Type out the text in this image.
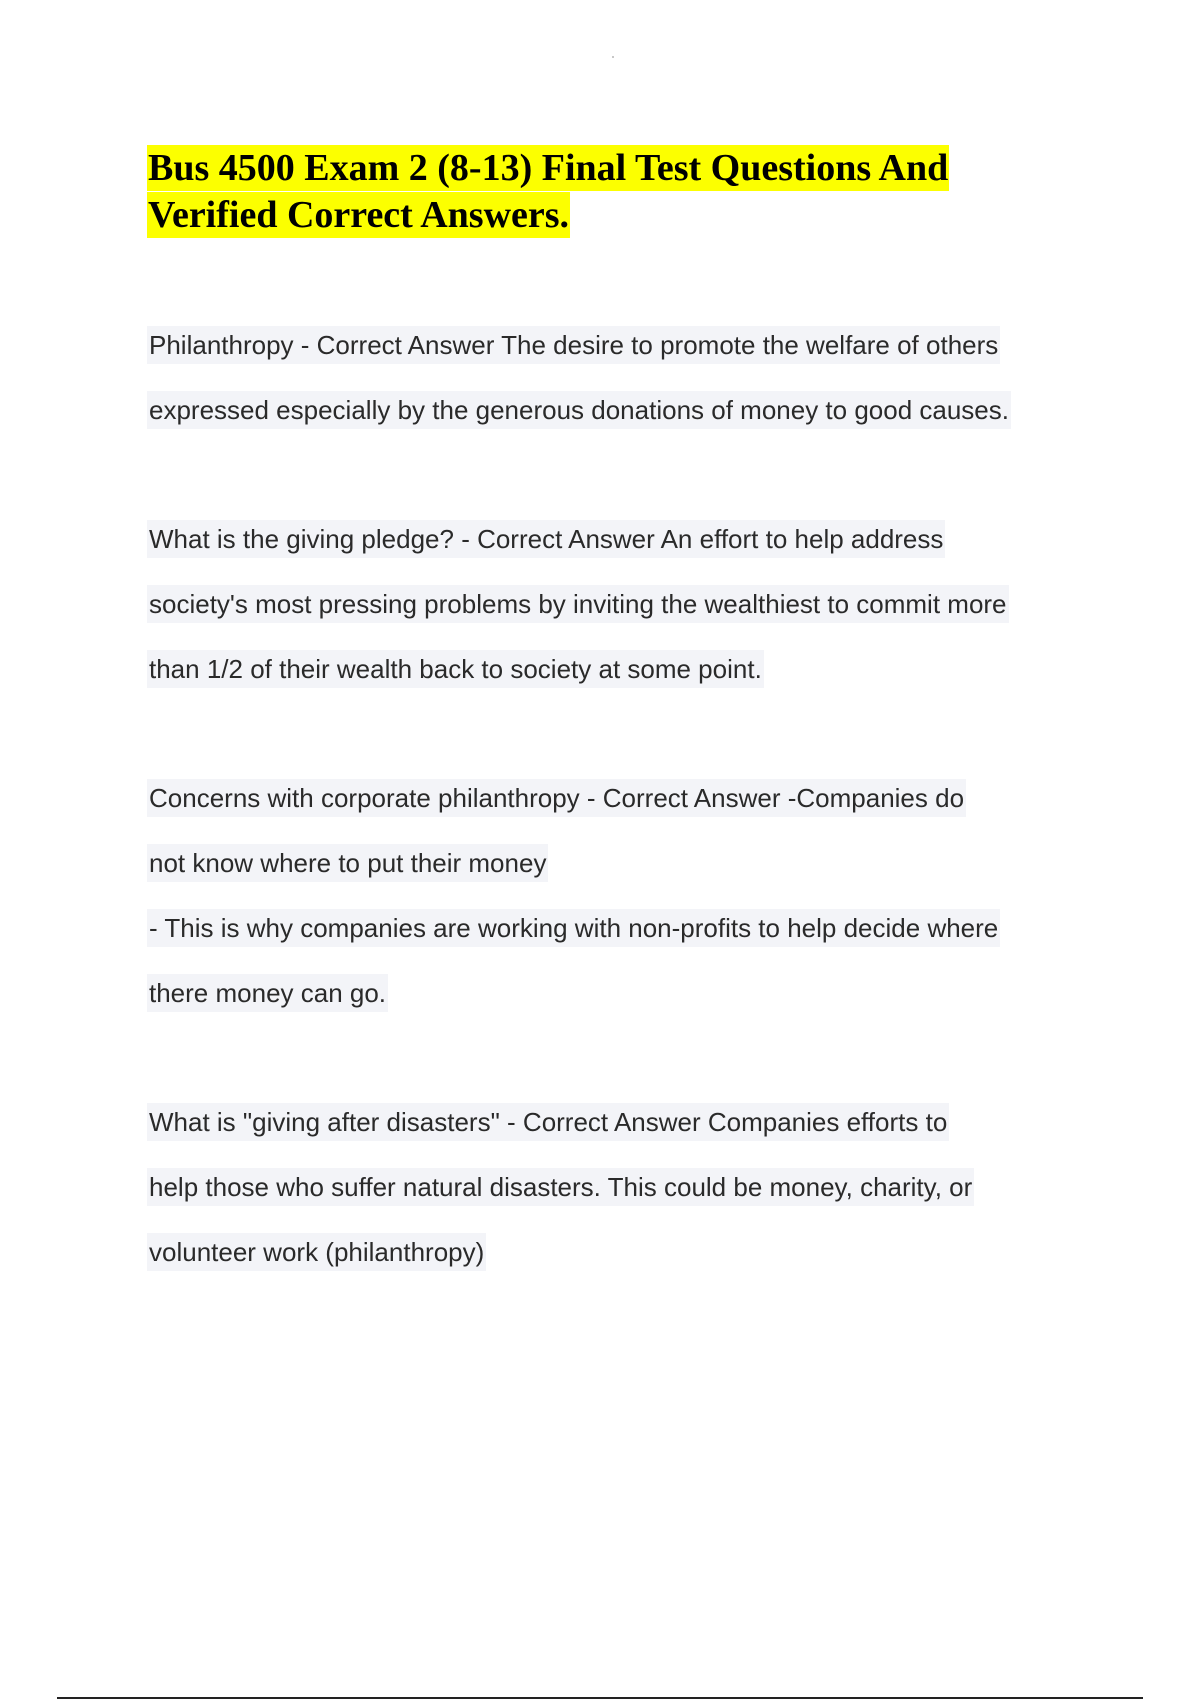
Bus 4500 Exam 2 (8-13) Final Test Questions And
Verified Correct Answers.
Philanthropy - Correct Answer The desire to promote the welfare of others
expressed especially by the generous donations of money to good causes.
What is the giving pledge? - Correct Answer An effort to help address
society's most pressing problems by inviting the wealthiest to commit more
than 1/2 of their wealth back to society at some point.
Concerns with corporate philanthropy - Correct Answer -Companies do
not know where to put their money
- This is why companies are working with non-profits to help decide where
there money can go.
What is "giving after disasters" - Correct Answer Companies efforts to
help those who suffer natural disasters. This could be money, charity, or
volunteer work (philanthropy)
